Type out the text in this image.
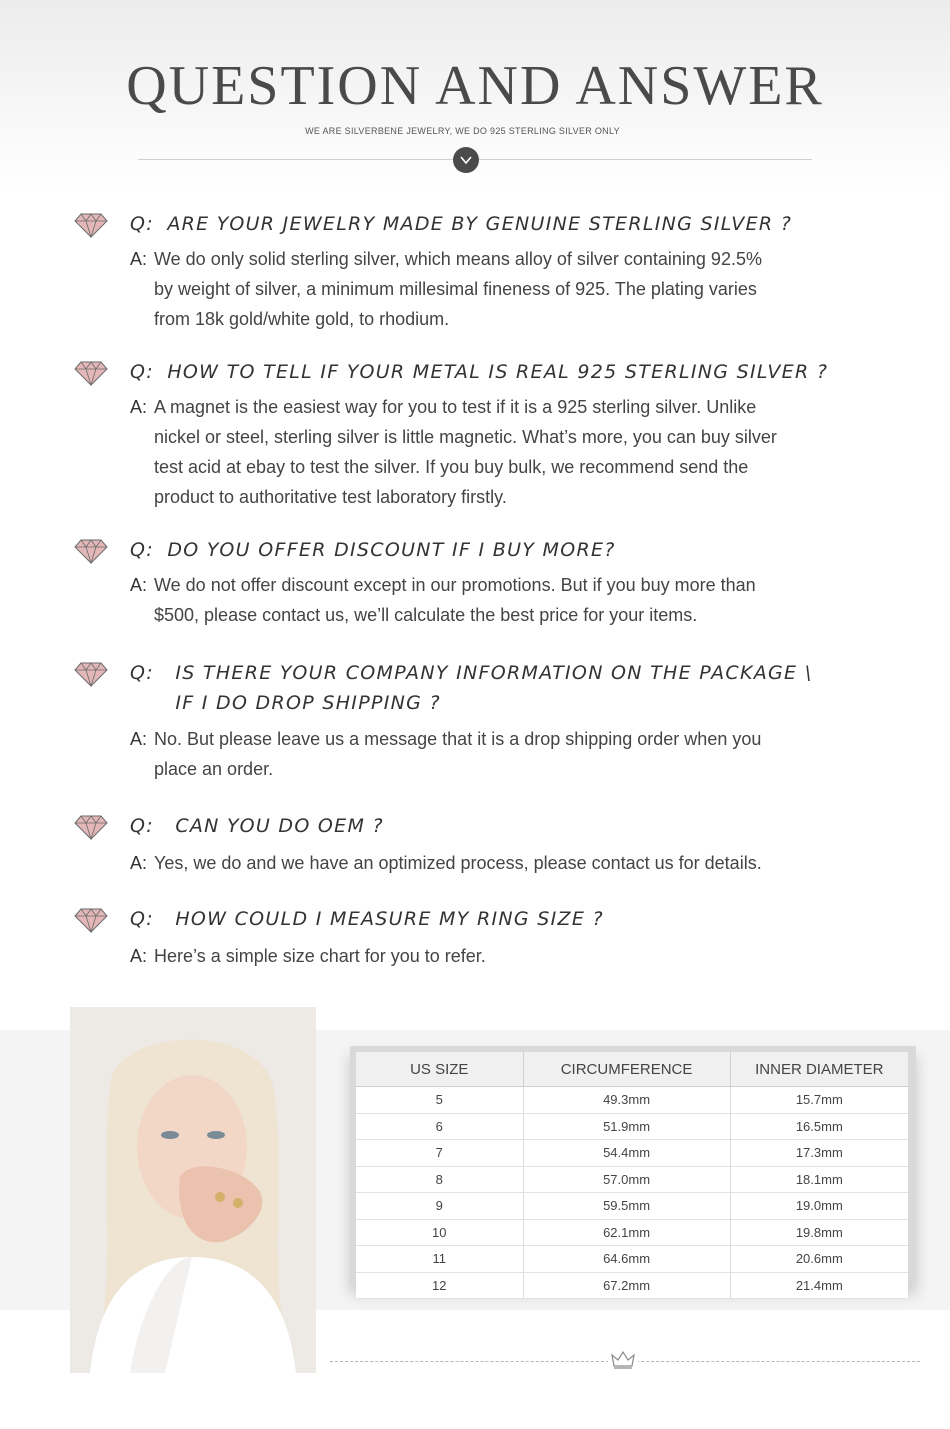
QUESTION AND ANSWER
WE ARE SILVERBENE JEWELRY, WE DO 925 STERLING SILVER ONLY
Q: ARE YOUR JEWELRY MADE BY GENUINE STERLING SILVER ?
A: We do only solid sterling silver, which means alloy of silver containing 92.5%
by weight of silver, a minimum millesimal fineness of 925. The plating varies
from 18k gold/white gold, to rhodium.
Q: HOW TO TELL IF YOUR METAL IS REAL 925 STERLING SILVER ?
A: A magnet is the easiest way for you to test if it is a 925 sterling silver. Unlike
nickel or steel, sterling silver is little magnetic. What’s more, you can buy silver
test acid at ebay to test the silver. If you buy bulk, we recommend send the
product to authoritative test laboratory firstly.
Q: DO YOU OFFER DISCOUNT IF I BUY MORE?
A: We do not offer discount except in our promotions. But if you buy more than
$500, please contact us, we’ll calculate the best price for your items.
Q: IS THERE YOUR COMPANY INFORMATION ON THE PACKAGE \
IF I DO DROP SHIPPING ?
A: No. But please leave us a message that it is a drop shipping order when you
place an order.
Q: CAN YOU DO OEM ?
A: Yes, we do and we have an optimized process, please contact us for details.
Q: HOW COULD I MEASURE MY RING SIZE ?
A: Here’s a simple size chart for you to refer.
US SIZE	CIRCUMFERENCE	INNER DIAMETER
5	49.3mm	15.7mm
6	51.9mm	16.5mm
7	54.4mm	17.3mm
8	57.0mm	18.1mm
9	59.5mm	19.0mm
10	62.1mm	19.8mm
11	64.6mm	20.6mm
12	67.2mm	21.4mm
